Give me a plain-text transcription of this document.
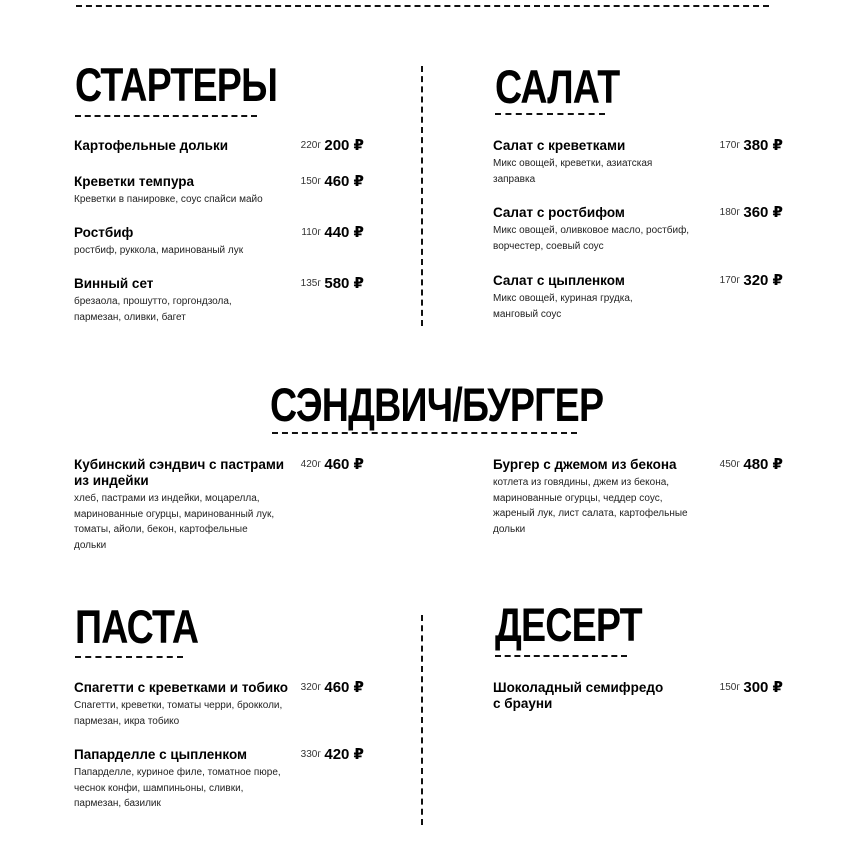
СТАРТЕРЫ
Картофельные дольки	220г 200 ₽
Креветки темпура
Креветки в панировке, соус спайси майо
150г 460 ₽
Ростбиф
ростбиф, руккола, маринованый лук
110г 440 ₽
Винный сет
брезаола, прошутто, горгондзола, пармезан, оливки, багет
135г 580 ₽
САЛАТ
Салат с креветками
Микс овощей, креветки, азиатская заправка
170г 380 ₽
Салат с ростбифом
Микс овощей, оливковое масло, ростбиф, ворчестер, соевый соус
180г 360 ₽
Салат с цыпленком
Микс овощей, куриная грудка, манговый соус
170г 320 ₽
СЭНДВИЧ/БУРГЕР
Кубинский сэндвич с пастрами из индейки
хлеб, пастрами из индейки, моцарелла, маринованные огурцы, маринованный лук, томаты, айоли, бекон, картофельные дольки
420г 460 ₽	Бургер с джемом из бекона
котлета из говядины, джем из бекона, маринованные огурцы, чеддер соус, жареный лук, лист салата, картофельные дольки
450г 480 ₽
ПАСТА
Спагетти с креветками и тобико
Спагетти, креветки, томаты черри, брокколи, пармезан, икра тобико
320г 460 ₽
Папарделле с цыпленком
Папарделле, куриное филе, томатное пюре, чеснок конфи, шампиньоны, сливки, пармезан, базилик
330г 420 ₽
ДЕСЕРТ
Шоколадный семифредо с брауни
150г 300 ₽
